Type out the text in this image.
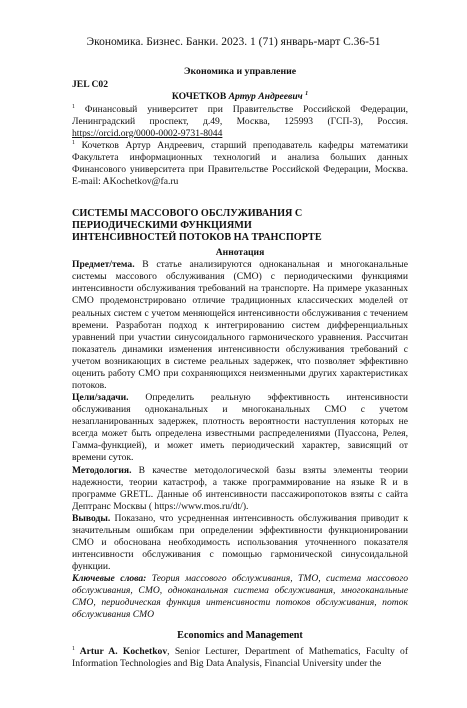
Экономика. Бизнес. Банки. 2023. 1 (71) январь-март С.36-51

Экономика и управление

JEL C02

КОЧЕТКОВ Артур Андреевич $^1$

$^1$ Финансовый университет при Правительстве Российской Федерации, Ленинградский проспект, д.49, Москва, 125993 (ГСП-3), Россия. https://orcid.org/0000-0002-9731-8044

$^1$ Кочетков Артур Андреевич, старший преподаватель кафедры математики Факультета информационных технологий и анализа больших данных Финансового университета при Правительстве Российской Федерации, Москва. E-mail: AKochetkov@fa.ru

СИСТЕМЫ МАССОВОГО ОБСЛУЖИВАНИЯ С
ПЕРИОДИЧЕСКИМИ ФУНКЦИЯМИ
ИНТЕНСИВНОСТЕЙ ПОТОКОВ НА ТРАНСПОРТЕ

Аннотация

Предмет/тема. В статье анализируются одноканальная и многоканальные системы массового обслуживания (СМО) с периодическими функциями интенсивности обслуживания требований на транспорте. На примере указанных СМО продемонстрировано отличие традиционных классических моделей от реальных систем с учетом меняющейся интенсивности обслуживания с течением времени. Разработан подход к интегрированию систем дифференциальных уравнений при участии синусоидального гармонического уравнения. Рассчитан показатель динамики изменения интенсивности обслуживания требований с учетом возникающих в системе реальных задержек, что позволяет эффективно оценить работу СМО при сохраняющихся неизменными других характеристиках потоков.

Цели/задачи. Определить реальную эффективность интенсивности обслуживания одноканальных и многоканальных СМО с учетом незапланированных задержек, плотность вероятности наступления которых не всегда может быть определена известными распределениями (Пуассона, Релея, Гамма-функцией), и может иметь периодический характер, зависящий от времени суток.

Методология. В качестве методологической базы взяты элементы теории надежности, теории катастроф, а также программирование на языке R и в программе GRETL. Данные об интенсивности пассажиропотоков взяты с сайта Дептранс Москвы ( https://www.mos.ru/dt/).

Выводы. Показано, что усредненная интенсивность обслуживания приводит к значительным ошибкам при определении эффективности функционировании СМО и обоснована необходимость использования уточненного показателя интенсивности обслуживания с помощью гармонической синусоидальной функции.

Ключевые слова: Теория массового обслуживания, ТМО, система массового обслуживания, СМО, одноканальная система обслуживания, многоканальные СМО, периодическая функция интенсивности потоков обслуживания, поток обслуживания СМО

Economics and Management

$^1$ Artur A. Kochetkov, Senior Lecturer, Department of Mathematics, Faculty of Information Technologies and Big Data Analysis, Financial University under the
